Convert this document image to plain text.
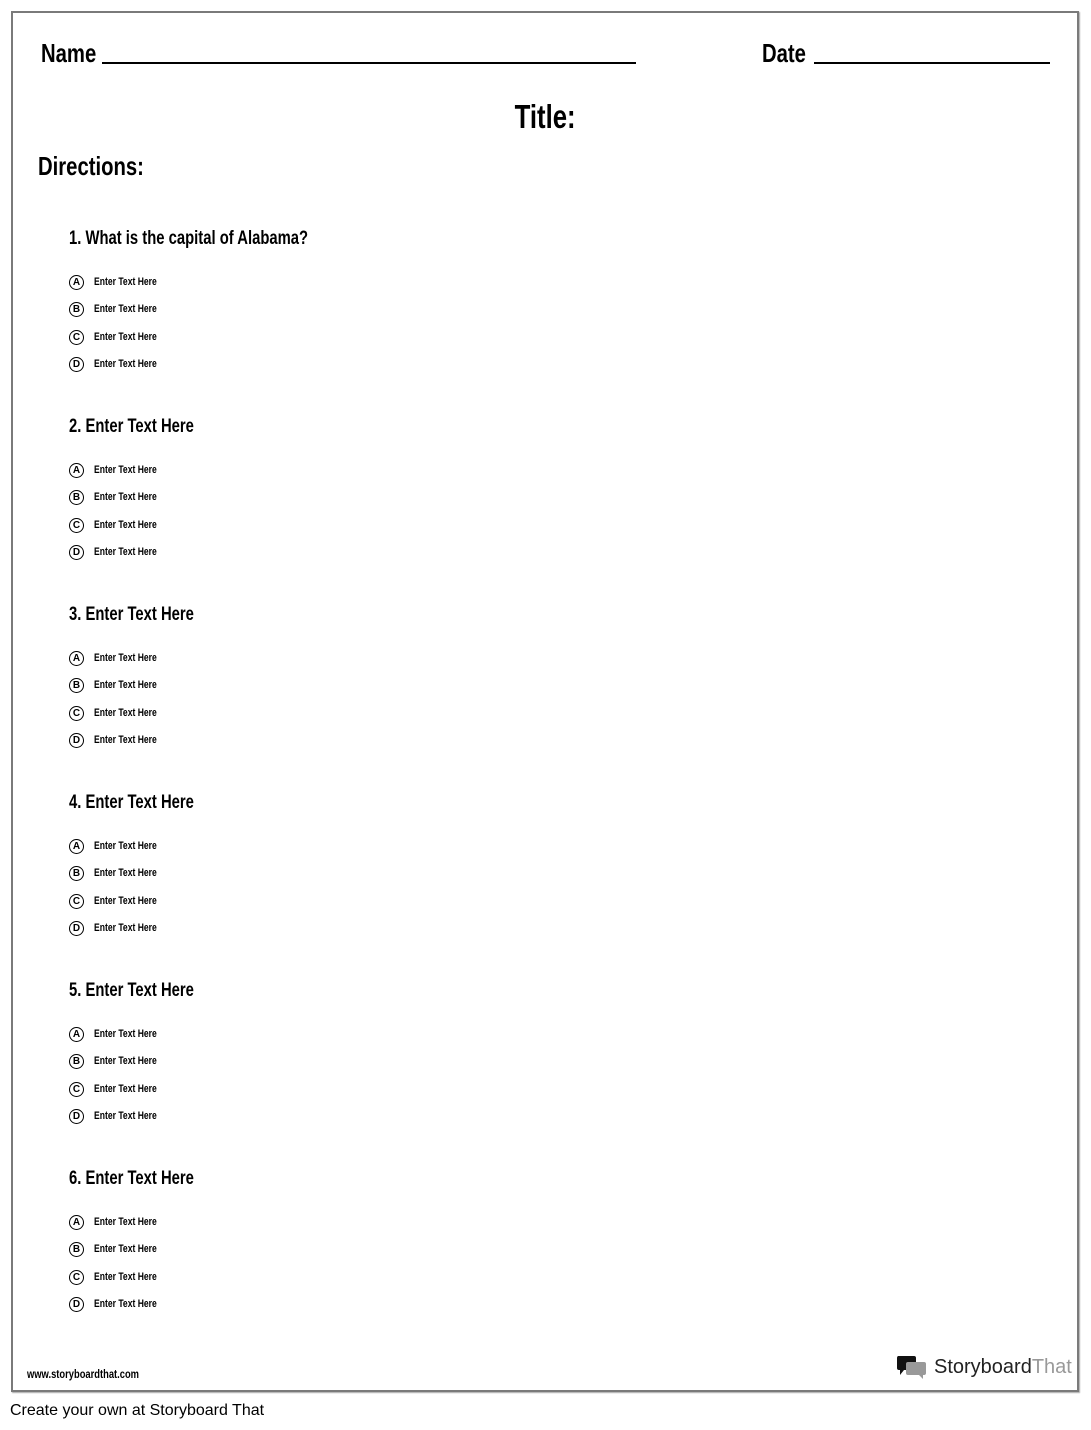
Name	Date
Title:
Directions:
1. What is the capital of Alabama?
A	Enter Text Here
B	Enter Text Here
C	Enter Text Here
D	Enter Text Here
2. Enter Text Here
A	Enter Text Here
B	Enter Text Here
C	Enter Text Here
D	Enter Text Here
3. Enter Text Here
A	Enter Text Here
B	Enter Text Here
C	Enter Text Here
D	Enter Text Here
4. Enter Text Here
A	Enter Text Here
B	Enter Text Here
C	Enter Text Here
D	Enter Text Here
5. Enter Text Here
A	Enter Text Here
B	Enter Text Here
C	Enter Text Here
D	Enter Text Here
6. Enter Text Here
A	Enter Text Here
B	Enter Text Here
C	Enter Text Here
D	Enter Text Here
www.storyboardthat.com	StoryboardThat
Create your own at Storyboard That
